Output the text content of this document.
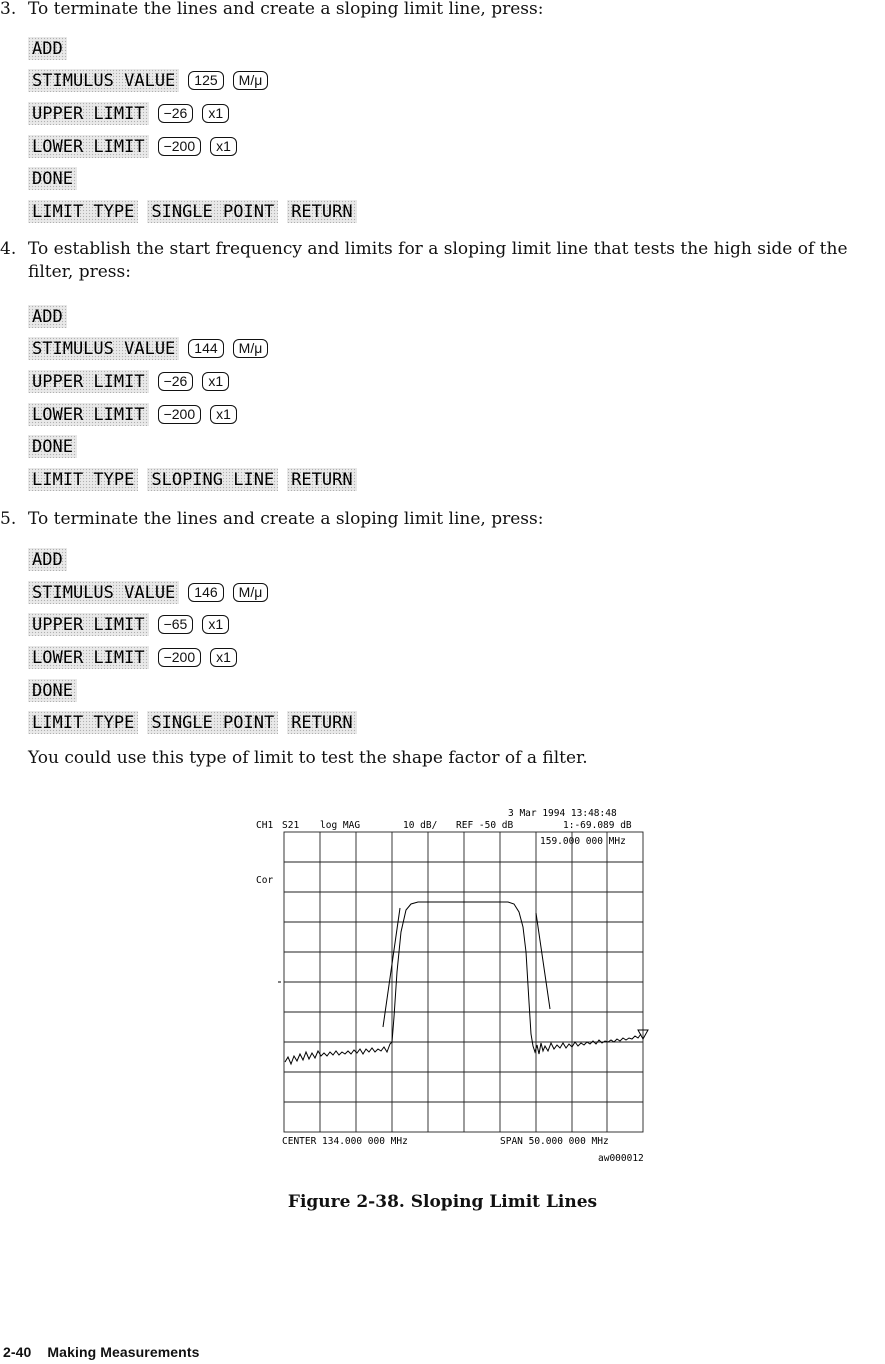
3. To terminate the lines and create a sloping limit line, press:
ADD
STIMULUS VALUE	125	M/μ
UPPER LIMIT	−26	x1
LOWER LIMIT	−200	x1
DONE
LIMIT TYPE SINGLE POINT RETURN
4. To establish the start frequency and limits for a sloping limit line that tests the high side of the filter, press:
ADD
STIMULUS VALUE	144	M/μ
UPPER LIMIT	−26	x1
LOWER LIMIT	−200	x1
DONE
LIMIT TYPE SLOPING LINE RETURN
5. To terminate the lines and create a sloping limit line, press:
ADD
STIMULUS VALUE	146	M/μ
UPPER LIMIT	−65	x1
LOWER LIMIT	−200	x1
DONE
LIMIT TYPE SINGLE POINT RETURN
You could use this type of limit to test the shape factor of a filter.
3 Mar 1994 13:48:48
CH1 S21 log MAG	10 dB/ REF -50 dB	1:-69.089 dB
159.000 000 MHz
Cor
CENTER 134.000 000 MHz	SPAN 50.000 000 MHz
aw000012
Figure 2-38. Sloping Limit Lines
2-40 Making Measurements
